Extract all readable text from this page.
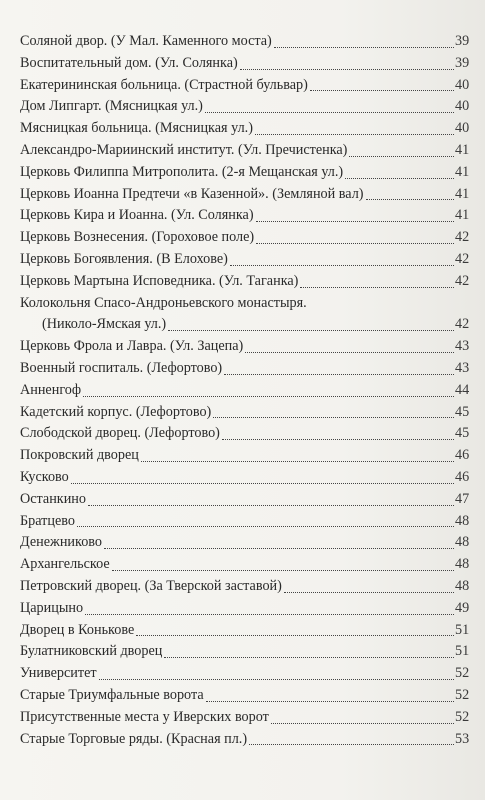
Соляной двор. (У Мал. Каменного моста)	39
Воспитательный дом. (Ул. Солянка)	39
Екатерининская больница. (Страстной бульвар)	40
Дом Липгарт. (Мясницкая ул.)	40
Мясницкая больница. (Мясницкая ул.)	40
Александро-Мариинский институт. (Ул. Пречистенка)	41
Церковь Филиппа Митрополита. (2-я Мещанская ул.)	41
Церковь Иоанна Предтечи «в Казенной». (Земляной вал)	41
Церковь Кира и Иоанна. (Ул. Солянка)	41
Церковь Вознесения. (Гороховое поле)	42
Церковь Богоявления. (В Елохове)	42
Церковь Мартына Исповедника. (Ул. Таганка)	42
Колокольня Спасо-Андроньевского монастыря.
(Николо-Ямская ул.)	42
Церковь Фрола и Лавра. (Ул. Зацепа)	43
Военный госпиталь. (Лефортово)	43
Анненгоф	44
Кадетский корпус. (Лефортово)	45
Слободской дворец. (Лефортово)	45
Покровский дворец	46
Кусково	46
Останкино	47
Братцево	48
Денежниково	48
Архангельское	48
Петровский дворец. (За Тверской заставой)	48
Царицыно	49
Дворец в Конькове	51
Булатниковский дворец	51
Университет	52
Старые Триумфальные ворота	52
Присутственные места у Иверских ворот	52
Старые Торговые ряды. (Красная пл.)	53
